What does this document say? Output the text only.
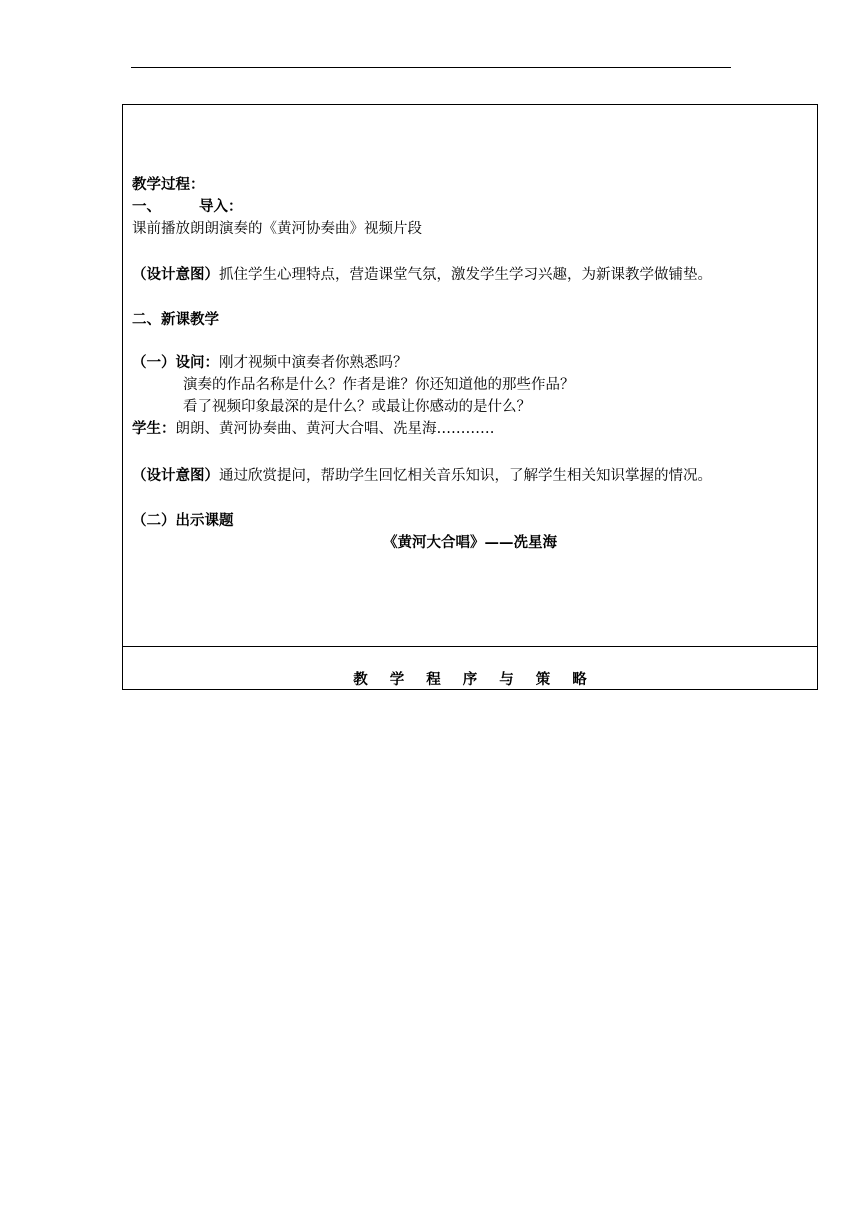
教学过程：
一、	导入：
课前播放朗朗演奏的《黄河协奏曲》视频片段
（设计意图）抓住学生心理特点，营造课堂气氛，激发学生学习兴趣，为新课教学做铺垫。
二、新课教学
（一）设问：刚才视频中演奏者你熟悉吗？
演奏的作品名称是什么？作者是谁？你还知道他的那些作品？
看了视频印象最深的是什么？或最让你感动的是什么？
学生：朗朗、黄河协奏曲、黄河大合唱、冼星海…………
（设计意图）通过欣赏提问，帮助学生回忆相关音乐知识，了解学生相关知识掌握的情况。
（二）出示课题
《黄河大合唱》——冼星海
教 学 程 序 与 策 略
